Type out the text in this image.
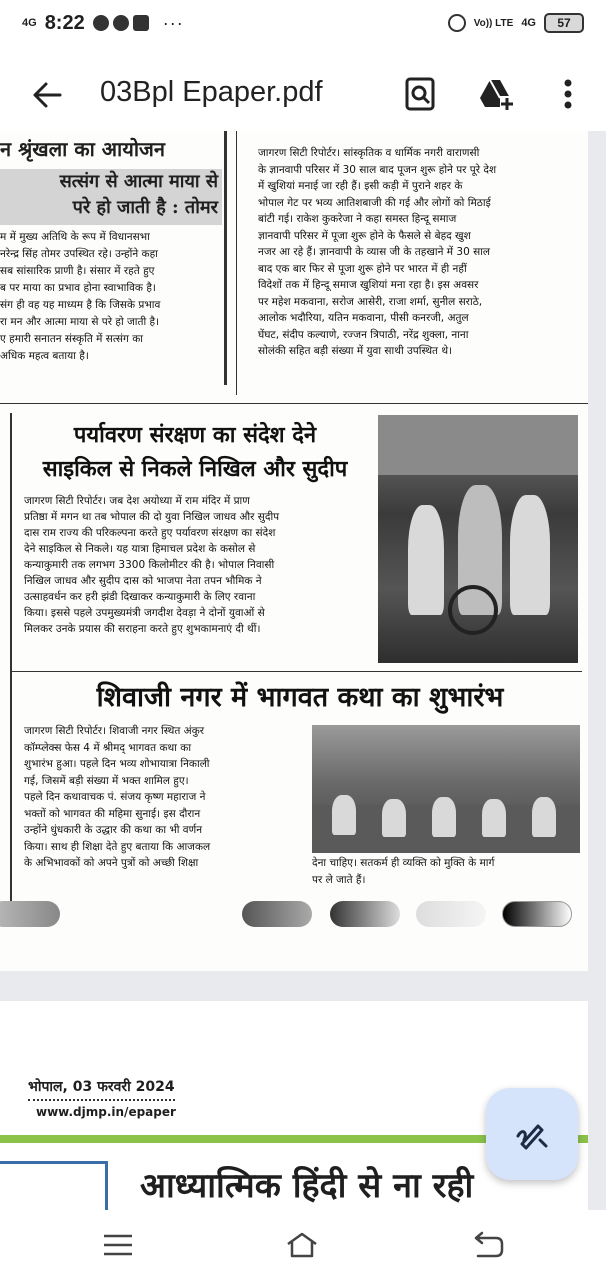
4G 8:22	···	Vo)) LTE 4G	57
03Bpl Epaper.pdf
न श्रृंखला का आयोजन
सत्संग से आत्मा माया से
परे हो जाती है : तोमर
म में मुख्य अतिथि के रूप में विधानसभा
नरेन्द्र सिंह तोमर उपस्थित रहे। उन्होंने कहा
सब सांसारिक प्राणी है। संसार में रहते हुए
ब पर माया का प्रभाव होना स्वाभाविक है।
संग ही वह यह माध्यम है कि जिसके प्रभाव
रा मन और आत्मा माया से परे हो जाती है।
ए हमारी सनातन संस्कृति में सत्संग का
अधिक महत्व बताया है।
जागरण सिटी रिपोर्टर। सांस्कृतिक व धार्मिक नगरी वाराणसी
के ज्ञानवापी परिसर में 30 साल बाद पूजन शुरू होने पर पूरे देश
में खुशियां मनाई जा रही हैं। इसी कड़ी में पुराने शहर के
भोपाल गेट पर भव्य आतिशबाजी की गई और लोगों को मिठाई
बांटी गई। राकेश कुकरेजा ने कहा समस्त हिन्दू समाज
ज्ञानवापी परिसर में पूजा शुरू होने के फैसले से बेहद खुश
नजर आ रहे हैं। ज्ञानवापी के व्यास जी के तहखाने में 30 साल
बाद एक बार फिर से पूजा शुरू होने पर भारत में ही नहीं
विदेशों तक में हिन्दू समाज खुशियां मना रहा है। इस अवसर
पर महेश मकवाना, सरोज आसेरी, राजा शर्मा, सुनील सराठे,
आलोक भदौरिया, यतिन मकवाना, पीसी कनरजी, अतुल
घेंघट, संदीप कल्याणे, रज्जन त्रिपाठी, नरेंद्र शुक्ला, नाना
सोलंकी सहित बड़ी संख्या में युवा साथी उपस्थित थे।
पर्यावरण संरक्षण का संदेश देने
साइकिल से निकले निखिल और सुदीप
जागरण सिटी रिपोर्टर। जब देश अयोध्या में राम मंदिर में प्राण
प्रतिष्ठा में मगन था तब भोपाल की दो युवा निखिल जाधव और सुदीप
दास राम राज्य की परिकल्पना करते हुए पर्यावरण संरक्षण का संदेश
देने साइकिल से निकले। यह यात्रा हिमाचल प्रदेश के कसोल से
कन्याकुमारी तक लगभग 3300 किलोमीटर की है। भोपाल निवासी
निखिल जाधव और सुदीप दास को भाजपा नेता तपन भौमिक ने
उत्साहवर्धन कर हरी झंडी दिखाकर कन्याकुमारी के लिए रवाना
किया। इससे पहले उपमुख्यमंत्री जगदीश देवड़ा ने दोनों युवाओं से
मिलकर उनके प्रयास की सराहना करते हुए शुभकामनाएं दी थीं।
शिवाजी नगर में भागवत कथा का शुभारंभ
जागरण सिटी रिपोर्टर। शिवाजी नगर स्थित अंकुर
कॉम्प्लेक्स फेस 4 में श्रीमद् भागवत कथा का
शुभारंभ हुआ। पहले दिन भव्य शोभायात्रा निकाली
गई, जिसमें बड़ी संख्या में भक्त शामिल हुए।
पहले दिन कथावाचक पं. संजय कृष्ण महाराज ने
भक्तों को भागवत की महिमा सुनाई। इस दौरान
उन्होंने धुंधकारी के उद्धार की कथा का भी वर्णन
किया। साथ ही शिक्षा देते हुए बताया कि आजकल
के अभिभावकों को अपने पुत्रों को अच्छी शिक्षा	देना चाहिए। सतकर्म ही व्यक्ति को मुक्ति के मार्ग
पर ले जाते हैं।
भोपाल, 03 फरवरी 2024
www.djmp.in/epaper
आध्यात्मिक हिंदी से ना रही
